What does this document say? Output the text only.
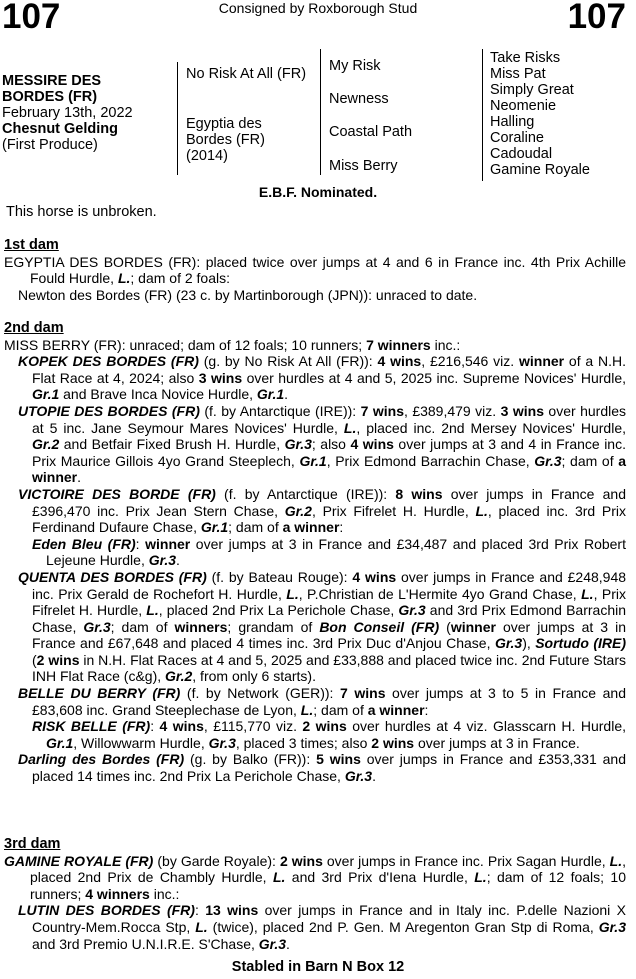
107	Consigned by Roxborough Stud	107
MESSIRE DES
BORDES (FR)
February 13th, 2022
Chesnut Gelding
(First Produce)
No Risk At All (FR)
Egyptia des Bordes (FR) (2014)
My Risk
Newness
Coastal Path
Miss Berry
Take Risks
Miss Pat
Simply Great
Neomenie
Halling
Coraline
Cadoudal
Gamine Royale
E.B.F. Nominated.
This horse is unbroken.
1st dam
EGYPTIA DES BORDES (FR): placed twice over jumps at 4 and 6 in France inc. 4th Prix Achille Fould Hurdle, L.; dam of 2 foals:
Newton des Bordes (FR) (23 c. by Martinborough (JPN)): unraced to date.
2nd dam
MISS BERRY (FR): unraced; dam of 12 foals; 10 runners; 7 winners inc.:
KOPEK DES BORDES (FR) (g. by No Risk At All (FR)): 4 wins, £216,546 viz. winner of a N.H. Flat Race at 4, 2024; also 3 wins over hurdles at 4 and 5, 2025 inc. Supreme Novices' Hurdle, Gr.1 and Brave Inca Novice Hurdle, Gr.1.
UTOPIE DES BORDES (FR) (f. by Antarctique (IRE)): 7 wins, £389,479 viz. 3 wins over hurdles at 5 inc. Jane Seymour Mares Novices' Hurdle, L., placed inc. 2nd Mersey Novices' Hurdle, Gr.2 and Betfair Fixed Brush H. Hurdle, Gr.3; also 4 wins over jumps at 3 and 4 in France inc. Prix Maurice Gillois 4yo Grand Steeplech, Gr.1, Prix Edmond Barrachin Chase, Gr.3; dam of a winner.
VICTOIRE DES BORDE (FR) (f. by Antarctique (IRE)): 8 wins over jumps in France and £396,470 inc. Prix Jean Stern Chase, Gr.2, Prix Fifrelet H. Hurdle, L., placed inc. 3rd Prix Ferdinand Dufaure Chase, Gr.1; dam of a winner:
Eden Bleu (FR): winner over jumps at 3 in France and £34,487 and placed 3rd Prix Robert Lejeune Hurdle, Gr.3.
QUENTA DES BORDES (FR) (f. by Bateau Rouge): 4 wins over jumps in France and £248,948 inc. Prix Gerald de Rochefort H. Hurdle, L., P.Christian de L'Hermite 4yo Grand Chase, L., Prix Fifrelet H. Hurdle, L., placed 2nd Prix La Perichole Chase, Gr.3 and 3rd Prix Edmond Barrachin Chase, Gr.3; dam of winners; grandam of Bon Conseil (FR) (winner over jumps at 3 in France and £67,648 and placed 4 times inc. 3rd Prix Duc d'Anjou Chase, Gr.3), Sortudo (IRE) (2 wins in N.H. Flat Races at 4 and 5, 2025 and £33,888 and placed twice inc. 2nd Future Stars INH Flat Race (c&g), Gr.2, from only 6 starts).
BELLE DU BERRY (FR) (f. by Network (GER)): 7 wins over jumps at 3 to 5 in France and £83,608 inc. Grand Steeplechase de Lyon, L.; dam of a winner:
RISK BELLE (FR): 4 wins, £115,770 viz. 2 wins over hurdles at 4 viz. Glasscarn H. Hurdle, Gr.1, Willowwarm Hurdle, Gr.3, placed 3 times; also 2 wins over jumps at 3 in France.
Darling des Bordes (FR) (g. by Balko (FR)): 5 wins over jumps in France and £353,331 and placed 14 times inc. 2nd Prix La Perichole Chase, Gr.3.
3rd dam
GAMINE ROYALE (FR) (by Garde Royale): 2 wins over jumps in France inc. Prix Sagan Hurdle, L., placed 2nd Prix de Chambly Hurdle, L. and 3rd Prix d'Iena Hurdle, L.; dam of 12 foals; 10 runners; 4 winners inc.:
LUTIN DES BORDES (FR): 13 wins over jumps in France and in Italy inc. P.delle Nazioni X Country-Mem.Rocca Stp, L. (twice), placed 2nd P. Gen. M Aregenton Gran Stp di Roma, Gr.3 and 3rd Premio U.N.I.R.E. S'Chase, Gr.3.
Stabled in Barn N Box 12
